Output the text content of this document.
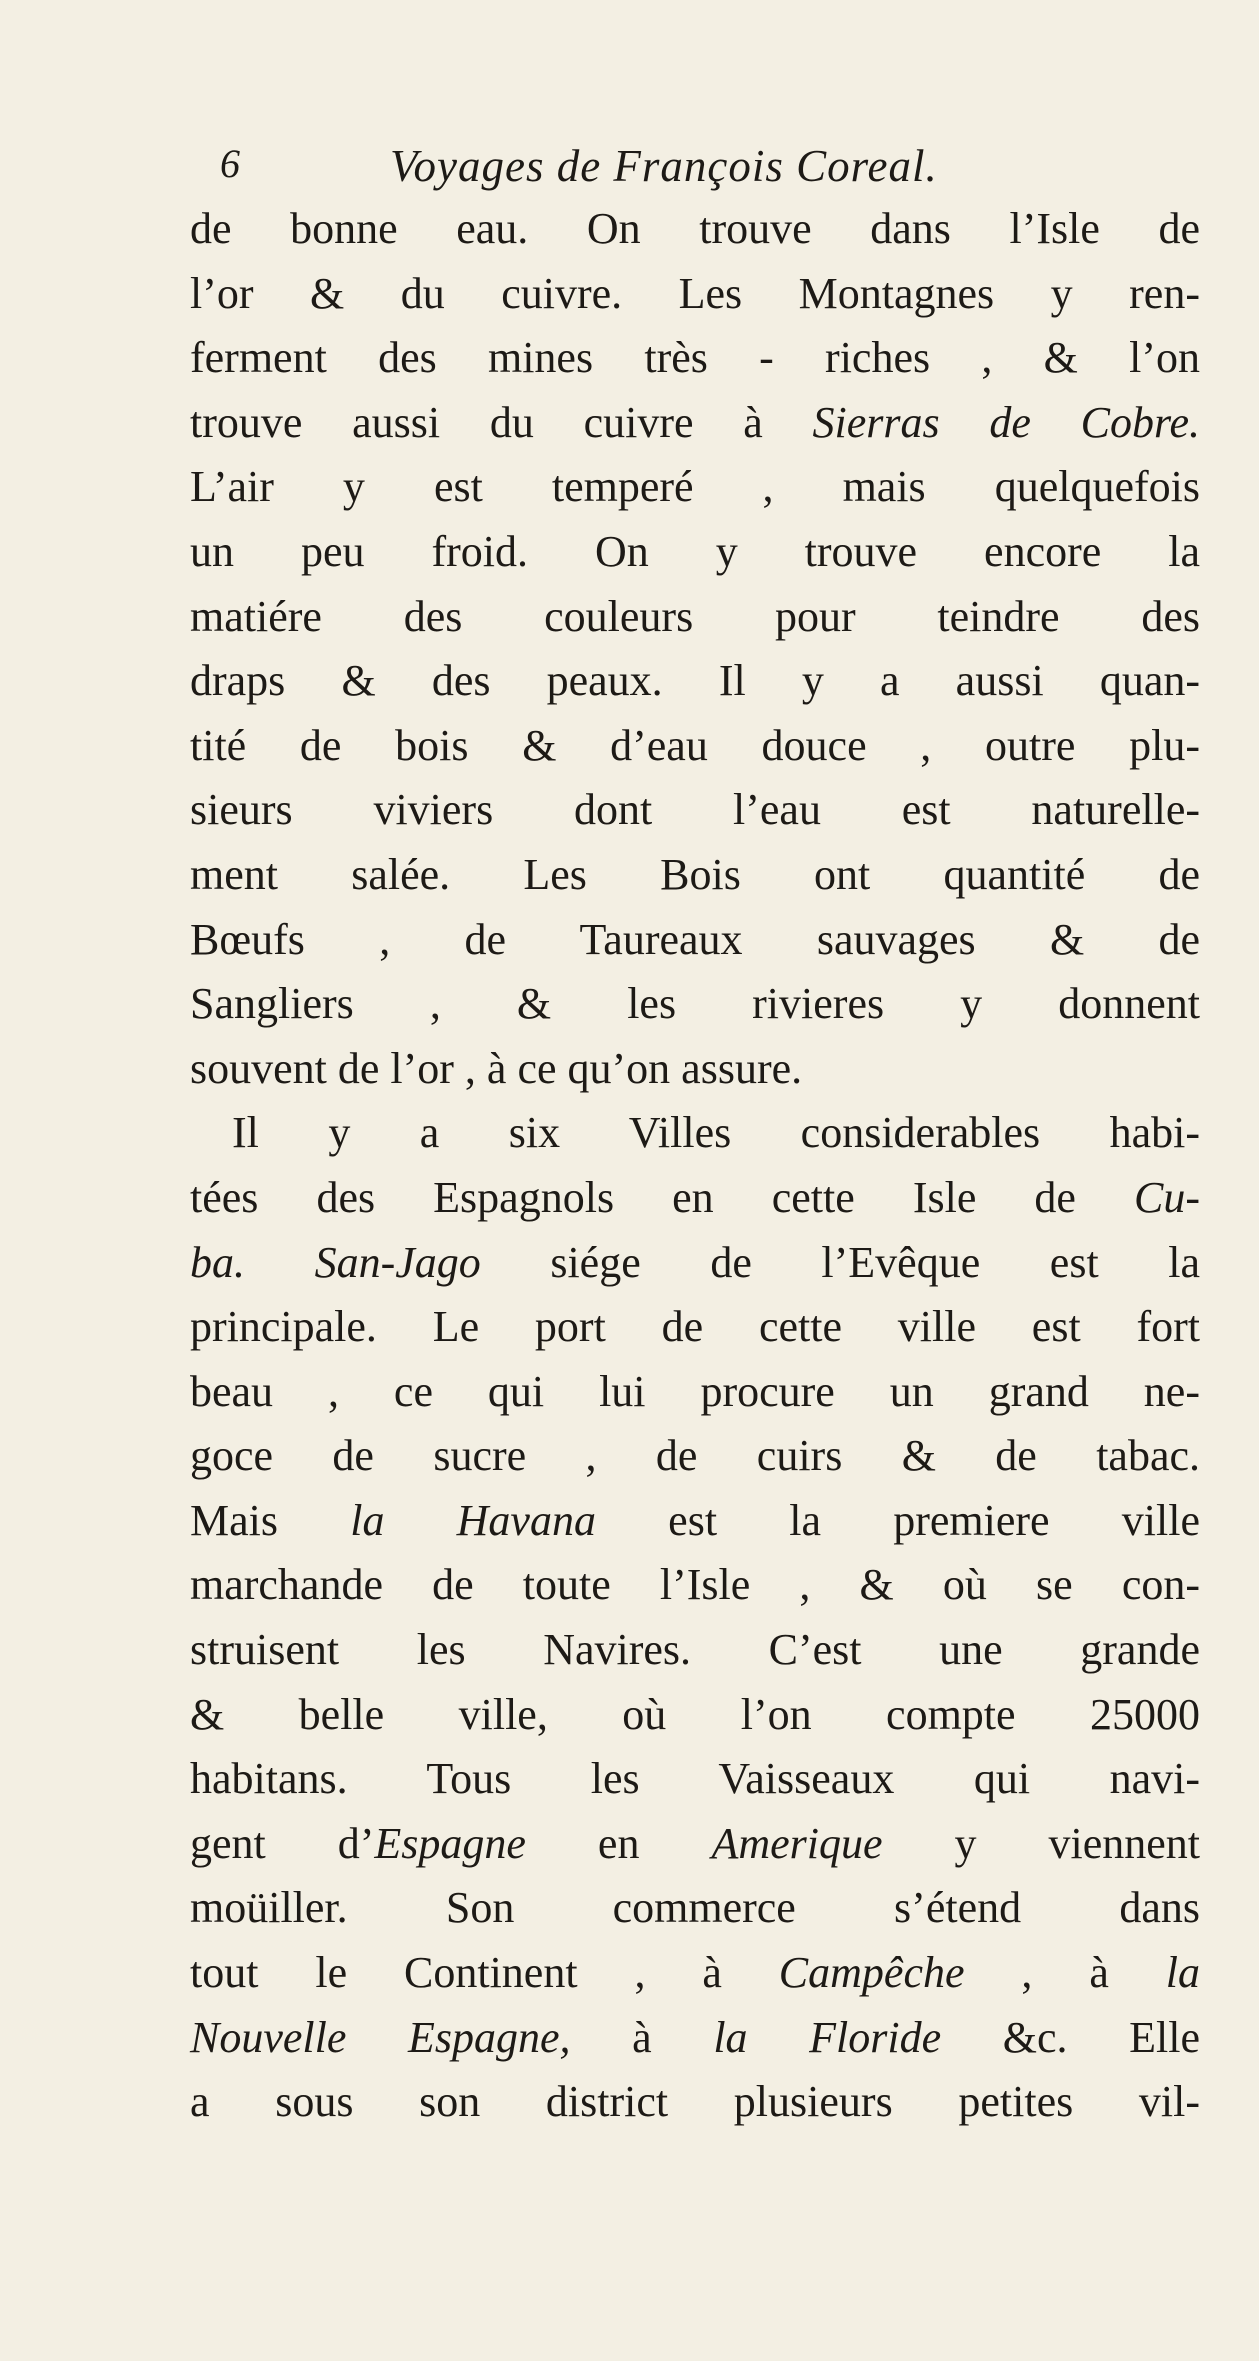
6	Voyages de François Coreal.
de bonne eau. On trouve dans l’Isle de
l’or & du cuivre. Les Montagnes y ren-
ferment des mines très - riches , & l’on
trouve aussi du cuivre à Sierras de Cobre.
L’air y est temperé , mais quelquefois
un peu froid. On y trouve encore la
matiére des couleurs pour teindre des
draps & des peaux. Il y a aussi quan-
tité de bois & d’eau douce , outre plu-
sieurs viviers dont l’eau est naturelle-
ment salée. Les Bois ont quantité de
Bœufs , de Taureaux sauvages & de
Sangliers , & les rivieres y donnent
souvent de l’or , à ce qu’on assure.
Il y a six Villes considerables habi-
tées des Espagnols en cette Isle de Cu-
ba. San-Jago siége de l’Evêque est la
principale. Le port de cette ville est fort
beau , ce qui lui procure un grand ne-
goce de sucre , de cuirs & de tabac.
Mais la Havana est la premiere ville
marchande de toute l’Isle , & où se con-
struisent les Navires. C’est une grande
& belle ville, où l’on compte 25000
habitans. Tous les Vaisseaux qui navi-
gent d’Espagne en Amerique y viennent
moüiller. Son commerce s’étend dans
tout le Continent , à Campêche , à la
Nouvelle Espagne, à la Floride &c. Elle
a sous son district plusieurs petites vil-
